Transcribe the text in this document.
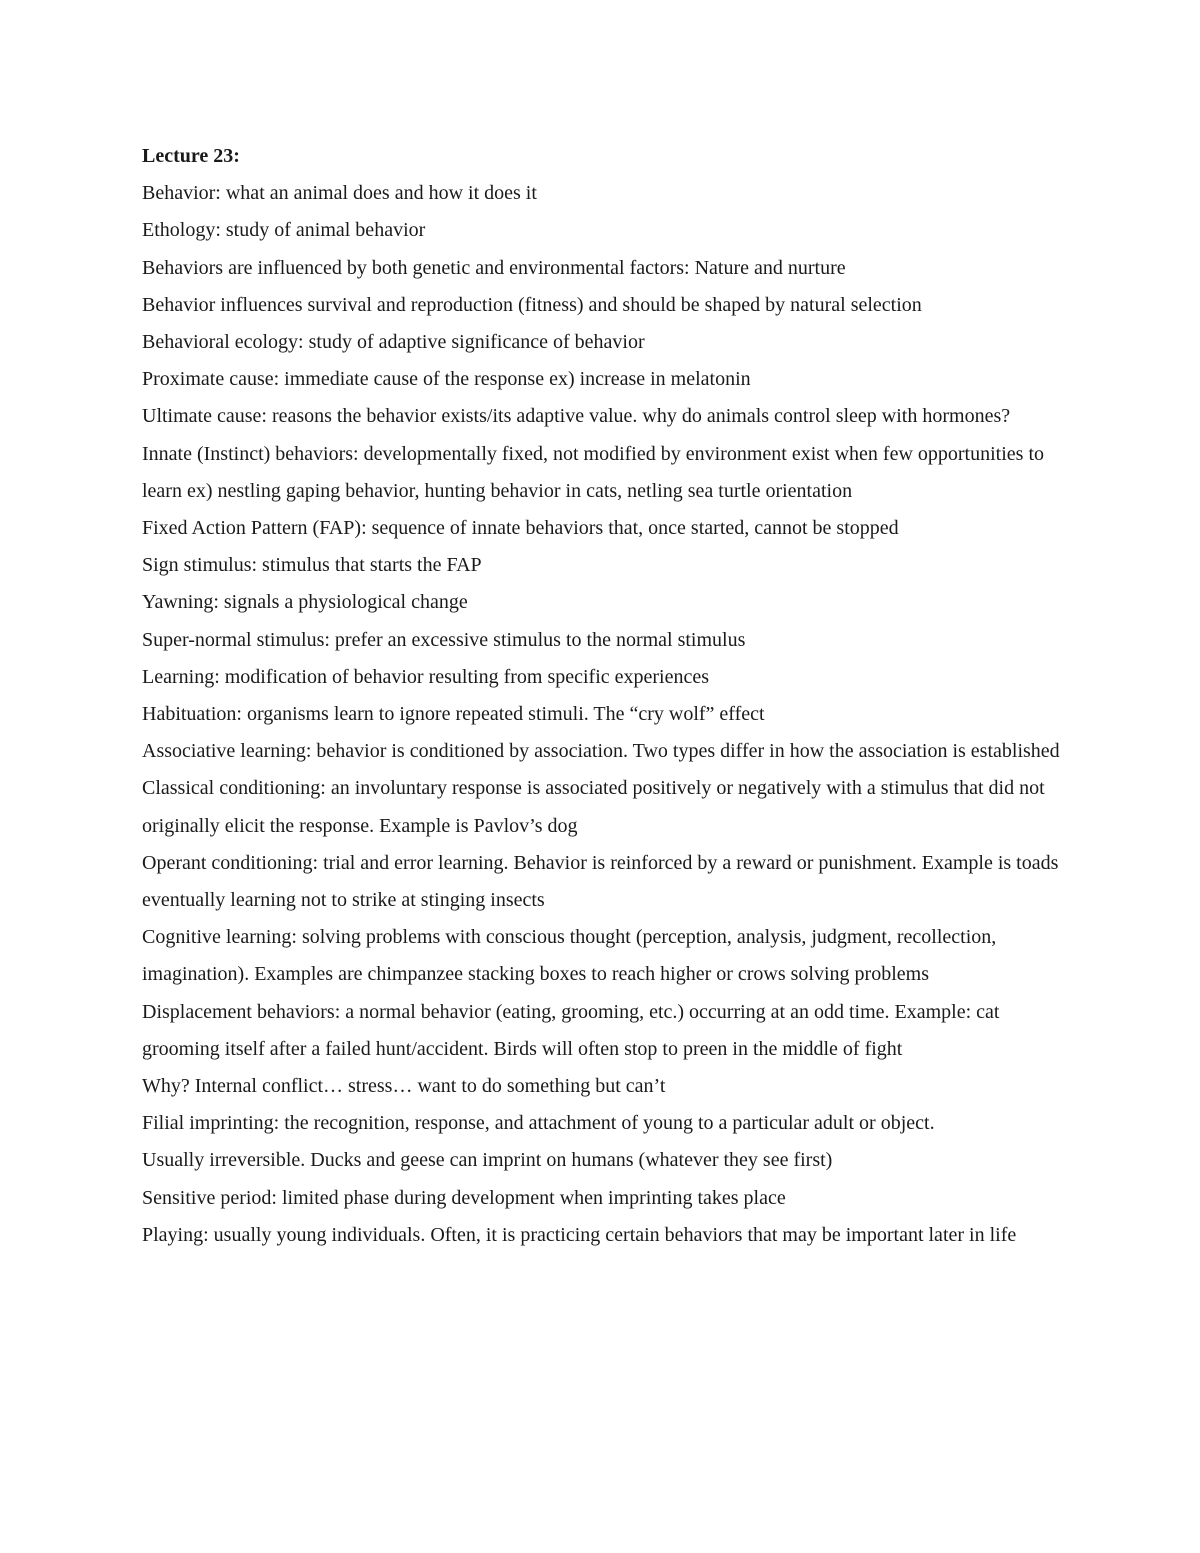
Lecture 23:

Behavior: what an animal does and how it does it

Ethology: study of animal behavior

Behaviors are influenced by both genetic and environmental factors: Nature and nurture

Behavior influences survival and reproduction (fitness) and should be shaped by natural selection

Behavioral ecology: study of adaptive significance of behavior

Proximate cause: immediate cause of the response ex) increase in melatonin

Ultimate cause: reasons the behavior exists/its adaptive value. why do animals control sleep with hormones?

Innate (Instinct) behaviors: developmentally fixed, not modified by environment exist when few opportunities to learn ex) nestling gaping behavior, hunting behavior in cats, netling sea turtle orientation

Fixed Action Pattern (FAP): sequence of innate behaviors that, once started, cannot be stopped

Sign stimulus: stimulus that starts the FAP

Yawning: signals a physiological change

Super-normal stimulus: prefer an excessive stimulus to the normal stimulus

Learning: modification of behavior resulting from specific experiences

Habituation: organisms learn to ignore repeated stimuli. The “cry wolf” effect

Associative learning: behavior is conditioned by association. Two types differ in how the association is established

Classical conditioning: an involuntary response is associated positively or negatively with a stimulus that did not originally elicit the response. Example is Pavlov’s dog

Operant conditioning: trial and error learning. Behavior is reinforced by a reward or punishment. Example is toads eventually learning not to strike at stinging insects

Cognitive learning: solving problems with conscious thought (perception, analysis, judgment, recollection, imagination). Examples are chimpanzee stacking boxes to reach higher or crows solving problems

Displacement behaviors: a normal behavior (eating, grooming, etc.) occurring at an odd time. Example: cat grooming itself after a failed hunt/accident. Birds will often stop to preen in the middle of fight

Why? Internal conflict… stress… want to do something but can’t

Filial imprinting: the recognition, response, and attachment of young to a particular adult or object.

Usually irreversible. Ducks and geese can imprint on humans (whatever they see first)

Sensitive period: limited phase during development when imprinting takes place

Playing: usually young individuals. Often, it is practicing certain behaviors that may be important later in life
